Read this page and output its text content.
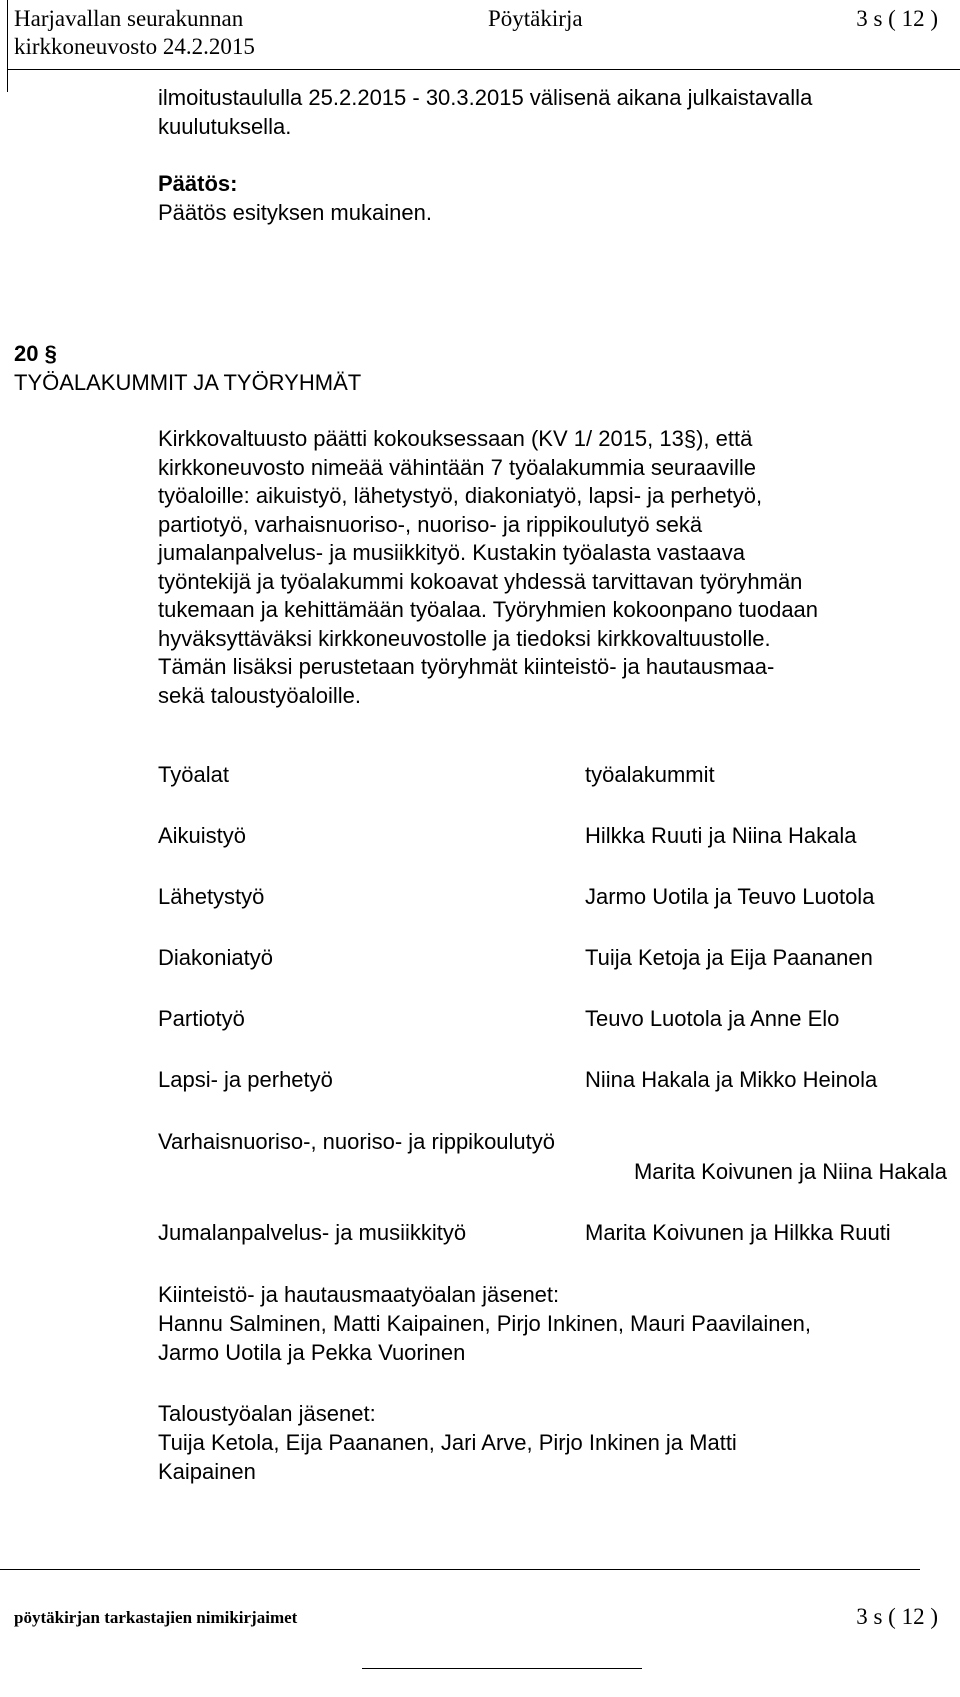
Harjavallan seurakunnan	Pöytäkirja	3 s ( 12 )
kirkkoneuvosto 24.2.2015
ilmoitustaululla 25.2.2015 - 30.3.2015 välisenä aikana julkaistavalla
kuulutuksella.
Päätös:
Päätös esityksen mukainen.
20 §
TYÖALAKUMMIT JA TYÖRYHMÄT
Kirkkovaltuusto päätti kokouksessaan (KV 1/ 2015, 13§), että
kirkkoneuvosto nimeää vähintään 7 työalakummia seuraaville
työaloille: aikuistyö, lähetystyö, diakoniatyö, lapsi- ja perhetyö,
partiotyö, varhaisnuoriso-, nuoriso- ja rippikoulutyö sekä
jumalanpalvelus- ja musiikkityö. Kustakin työalasta vastaava
työntekijä ja työalakummi kokoavat yhdessä tarvittavan työryhmän
tukemaan ja kehittämään työalaa. Työryhmien kokoonpano tuodaan
hyväksyttäväksi kirkkoneuvostolle ja tiedoksi kirkkovaltuustolle.
Tämän lisäksi perustetaan työryhmät kiinteistö- ja hautausmaa-
sekä taloustyöaloille.
Työalat	työalakummit
Aikuistyö	Hilkka Ruuti ja Niina Hakala
Lähetystyö	Jarmo Uotila ja Teuvo Luotola
Diakoniatyö	Tuija Ketoja ja Eija Paananen
Partiotyö	Teuvo Luotola ja Anne Elo
Lapsi- ja perhetyö	Niina Hakala ja Mikko Heinola
Varhaisnuoriso-, nuoriso- ja rippikoulutyö
Marita Koivunen ja Niina Hakala
Jumalanpalvelus- ja musiikkityö	Marita Koivunen ja Hilkka Ruuti
Kiinteistö- ja hautausmaatyöalan jäsenet:
Hannu Salminen, Matti Kaipainen, Pirjo Inkinen, Mauri Paavilainen,
Jarmo Uotila ja Pekka Vuorinen
Taloustyöalan jäsenet:
Tuija Ketola, Eija Paananen, Jari Arve, Pirjo Inkinen ja Matti
Kaipainen
pöytäkirjan tarkastajien nimikirjaimet	3 s ( 12 )
